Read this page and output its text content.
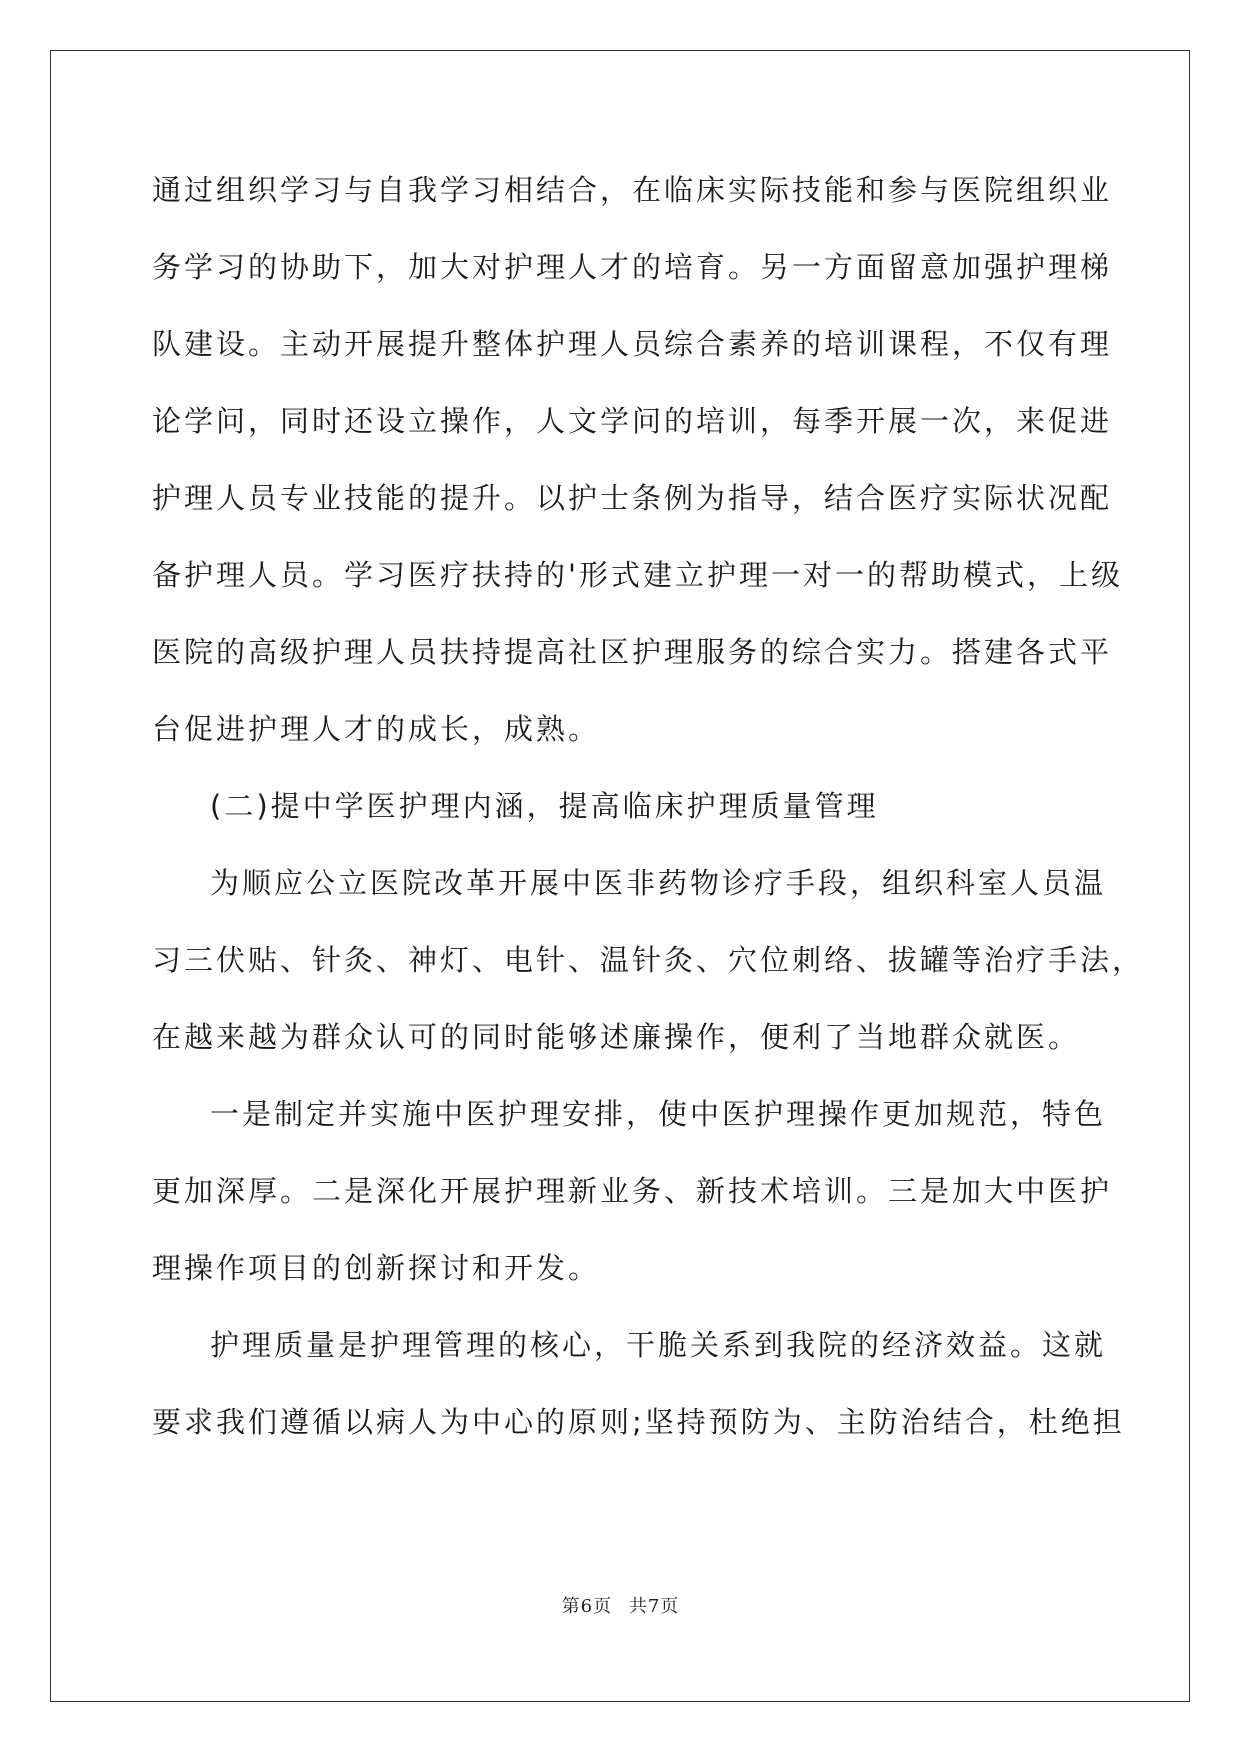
通过组织学习与自我学习相结合，在临床实际技能和参与医院组织业
务学习的协助下，加大对护理人才的培育。另一方面留意加强护理梯
队建设。主动开展提升整体护理人员综合素养的培训课程，不仅有理
论学问，同时还设立操作，人文学问的培训，每季开展一次，来促进
护理人员专业技能的提升。以护士条例为指导，结合医疗实际状况配
备护理人员。学习医疗扶持的'形式建立护理一对一的帮助模式，上级
医院的高级护理人员扶持提高社区护理服务的综合实力。搭建各式平
台促进护理人才的成长，成熟。
(二)提中学医护理内涵，提高临床护理质量管理
为顺应公立医院改革开展中医非药物诊疗手段，组织科室人员温
习三伏贴、针灸、神灯、电针、温针灸、穴位刺络、拔罐等治疗手法，
在越来越为群众认可的同时能够述廉操作，便利了当地群众就医。
一是制定并实施中医护理安排，使中医护理操作更加规范，特色
更加深厚。二是深化开展护理新业务、新技术培训。三是加大中医护
理操作项目的创新探讨和开发。
护理质量是护理管理的核心，干脆关系到我院的经济效益。这就
要求我们遵循以病人为中心的原则;坚持预防为、主防治结合，杜绝担
第6页 共7页
